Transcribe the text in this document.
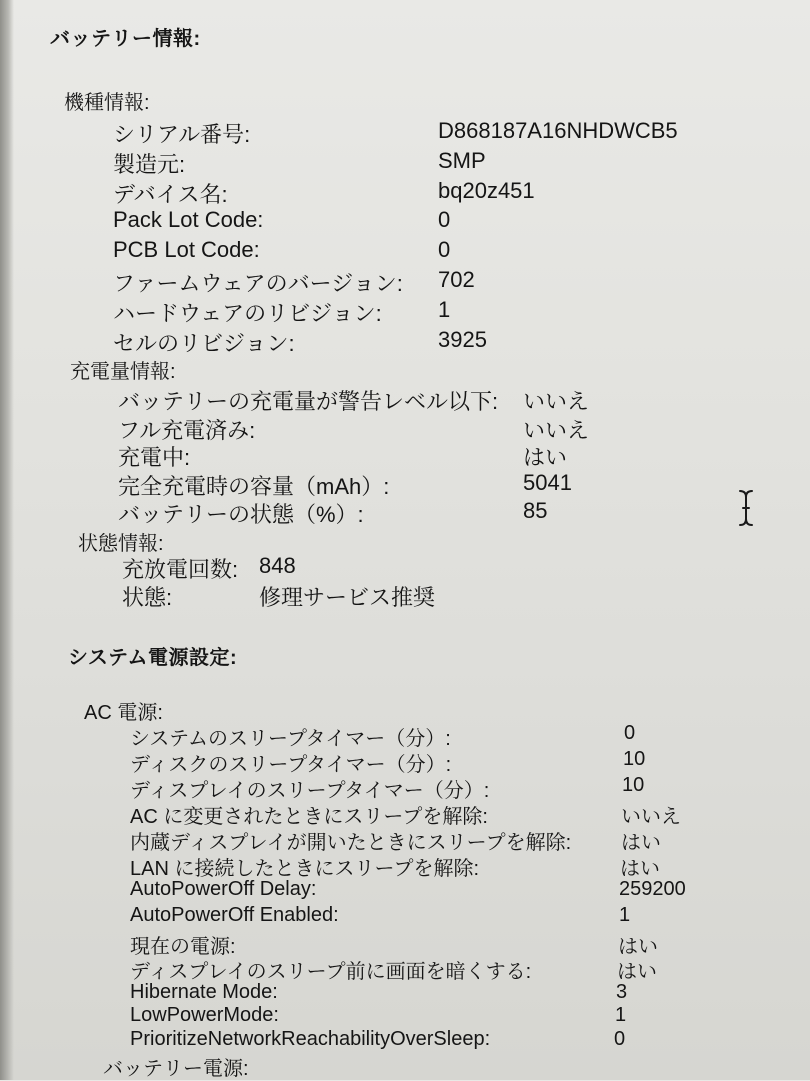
バッテリー情報:
機種情報:
シリアル番号:	D868187A16NHDWCB5
製造元:	SMP
デバイス名:	bq20z451
Pack Lot Code:	0
PCB Lot Code:	0
ファームウェアのバージョン: 702
ハードウェアのリビジョン:	1
セルのリビジョン:	3925
充電量情報:
バッテリーの充電量が警告レベル以下: いいえ
フル充電済み:	いいえ
充電中:	はい
完全充電時の容量（mAh）:	5041
バッテリーの状態（%）:	85
状態情報:
充放電回数: 848
状態:	修理サービス推奨
システム電源設定:
AC 電源:
システムのスリープタイマー（分）:	0
ディスクのスリープタイマー（分）:	10
ディスプレイのスリープタイマー（分）:	10
AC に変更されたときにスリープを解除:	いいえ
内蔵ディスプレイが開いたときにスリープを解除: はい
LAN に接続したときにスリープを解除:	はい
AutoPowerOff Delay:	259200
AutoPowerOff Enabled:	1
現在の電源:	はい
ディスプレイのスリープ前に画面を暗くする:	はい
Hibernate Mode:	3
LowPowerMode:	1
PrioritizeNetworkReachabilityOverSleep:	0
バッテリー電源:
